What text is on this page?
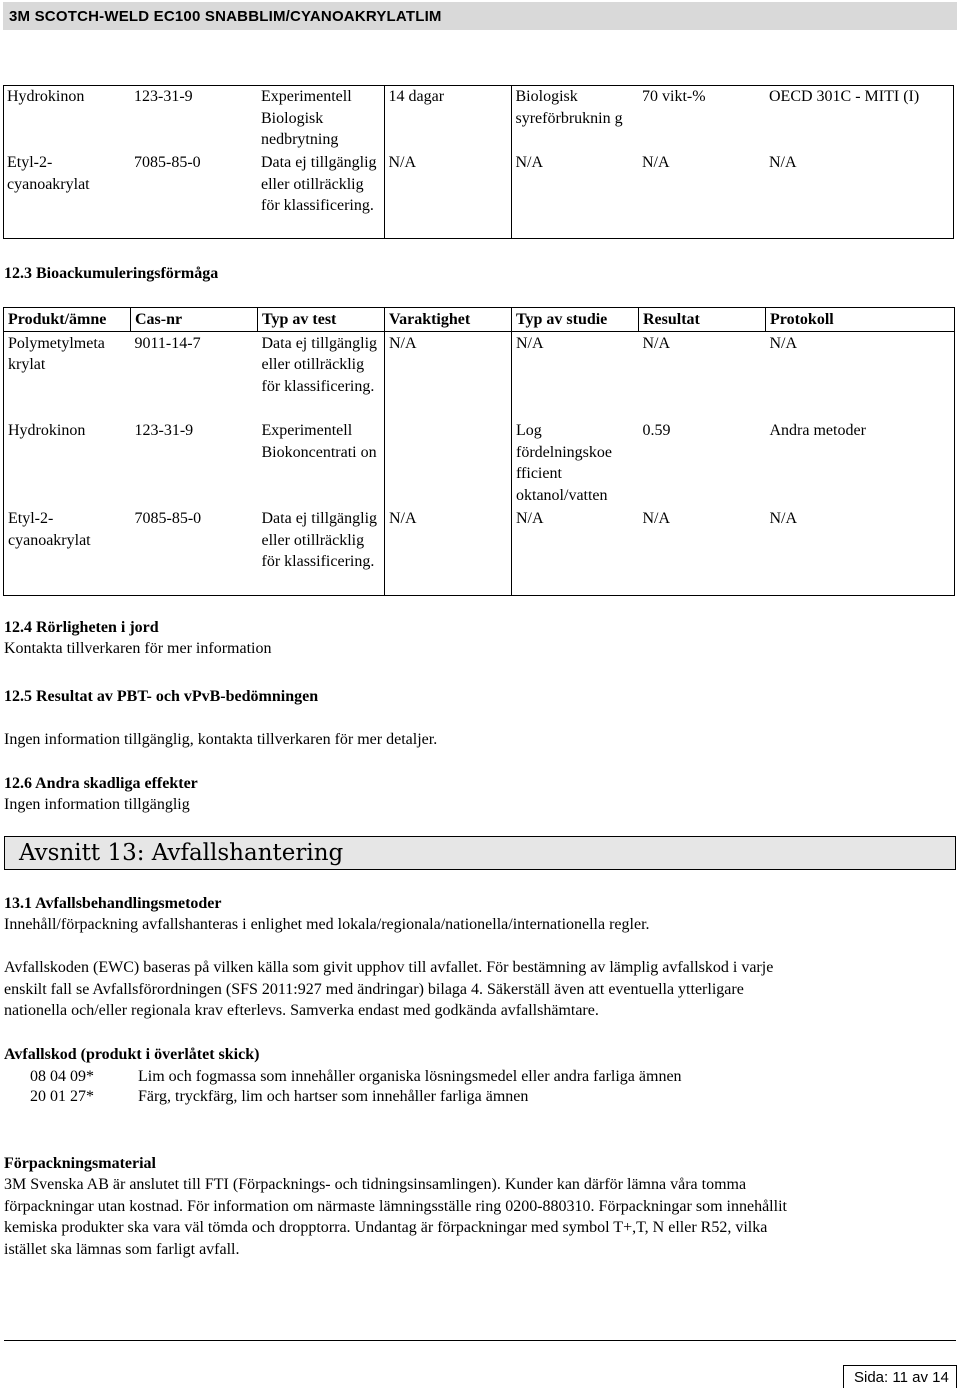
3M SCOTCH-WELD EC100 SNABBLIM/CYANOAKRYLATLIM
Hydrokinon	123-31-9	Experimentell Biologisk nedbrytning	14 dagar	Biologisk syreförbruknin g	70 vikt-%	OECD 301C - MITI (I)
Etyl-2-cyanoakrylat	7085-85-0	Data ej tillgänglig eller otillräcklig för klassificering.	N/A	N/A	N/A	N/A
12.3 Bioackumuleringsförmåga
Produkt/ämne	Cas-nr	Typ av test	Varaktighet	Typ av studie	Resultat	Protokoll
Polymetylmeta krylat	9011-14-7	Data ej tillgänglig eller otillräcklig för klassificering.	N/A	N/A	N/A	N/A
Hydrokinon	123-31-9	Experimentell Biokoncentrati on		Log fördelningskoe fficient oktanol/vatten	0.59	Andra metoder
Etyl-2-cyanoakrylat	7085-85-0	Data ej tillgänglig eller otillräcklig för klassificering.	N/A	N/A	N/A	N/A
12.4 Rörligheten i jord
Kontakta tillverkaren för mer information
12.5 Resultat av PBT- och vPvB-bedömningen
Ingen information tillgänglig, kontakta tillverkaren för mer detaljer.
12.6 Andra skadliga effekter
Ingen information tillgänglig
Avsnitt 13: Avfallshantering
13.1 Avfallsbehandlingsmetoder
Innehåll/förpackning avfallshanteras i enlighet med lokala/regionala/nationella/internationella regler.
Avfallskoden (EWC) baseras på vilken källa som givit upphov till avfallet. För bestämning av lämplig avfallskod i varje
enskilt fall se Avfallsförordningen (SFS 2011:927 med ändringar) bilaga 4. Säkerställ även att eventuella ytterligare
nationella och/eller regionala krav efterlevs. Samverka endast med godkända avfallshämtare.
Avfallskod (produkt i överlåtet skick)
08 04 09*	Lim och fogmassa som innehåller organiska lösningsmedel eller andra farliga ämnen
20 01 27*	Färg, tryckfärg, lim och hartser som innehåller farliga ämnen
Förpackningsmaterial
3M Svenska AB är anslutet till FTI (Förpacknings- och tidningsinsamlingen). Kunder kan därför lämna våra tomma
förpackningar utan kostnad. För information om närmaste lämningsställe ring 0200-880310. Förpackningar som innehållit
kemiska produkter ska vara väl tömda och dropptorra. Undantag är förpackningar med symbol T+,T, N eller R52, vilka
istället ska lämnas som farligt avfall.
Sida: 11 av 14
